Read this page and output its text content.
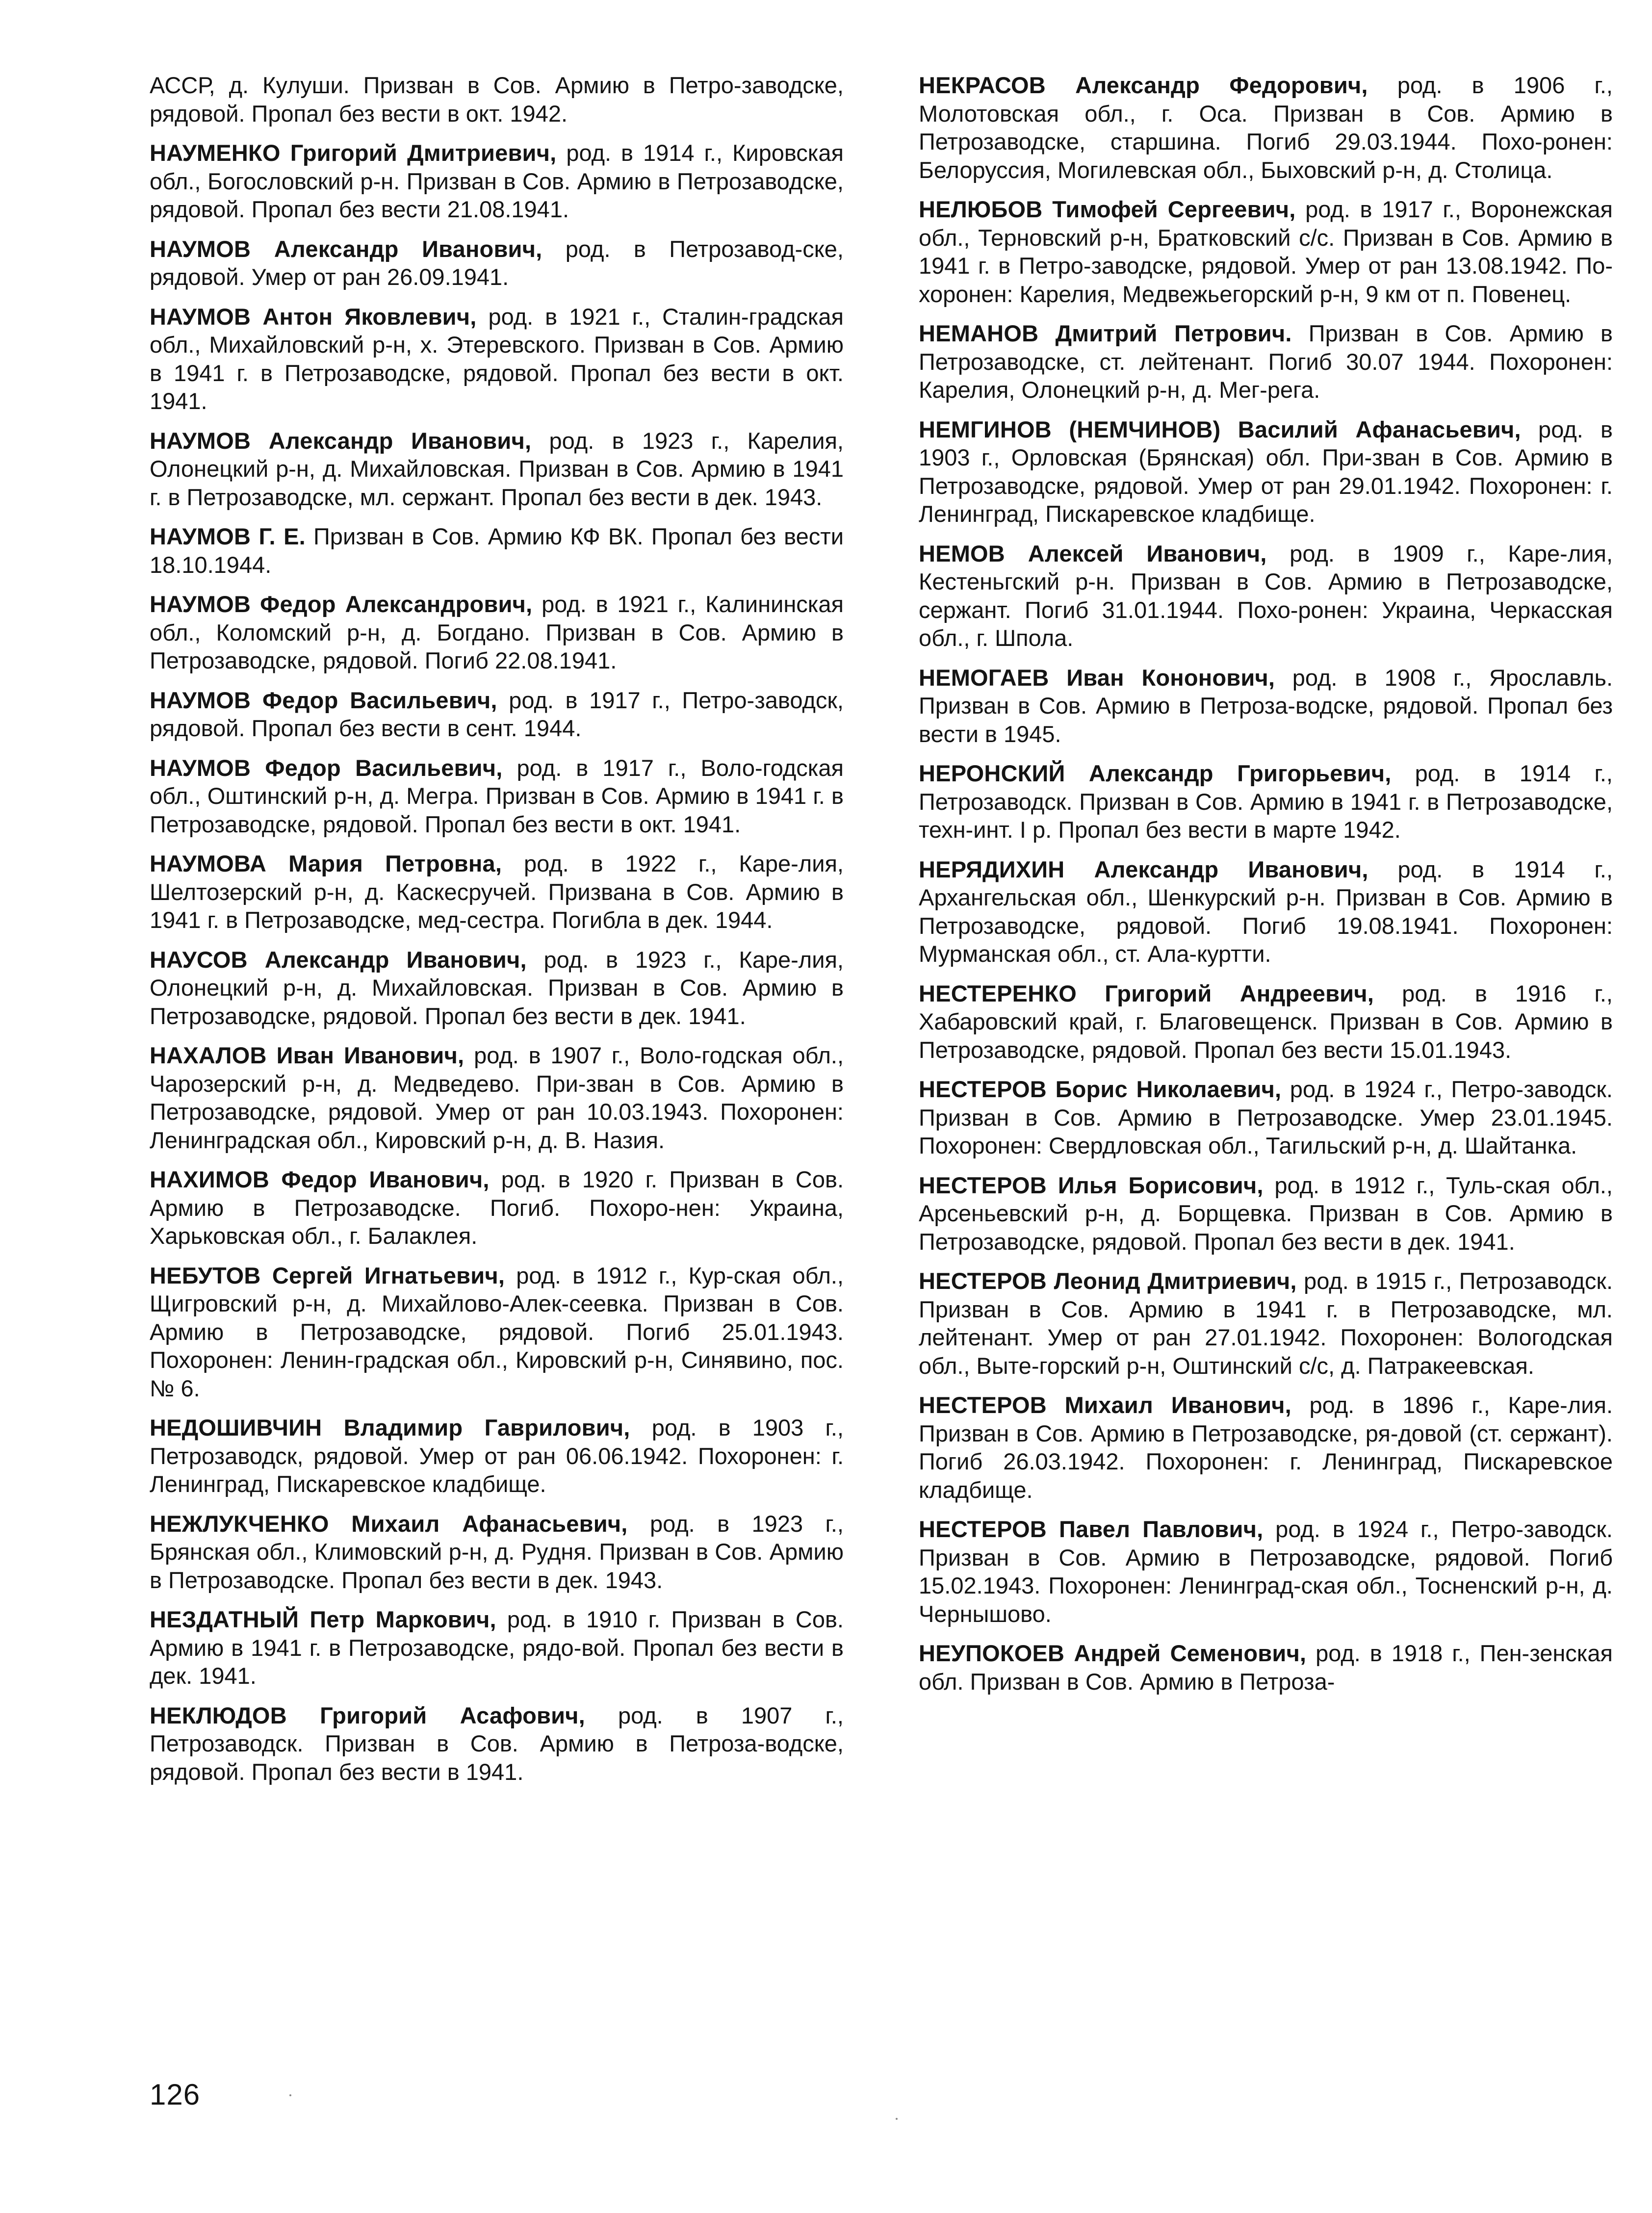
АССР, д. Кулуши. Призван в Сов. Армию в Петро-заводске, рядовой. Пропал без вести в окт. 1942.

НАУМЕНКО Григорий Дмитриевич, род. в 1914 г., Кировская обл., Богословский р-н. Призван в Сов. Армию в Петрозаводске, рядовой. Пропал без вести 21.08.1941.

НАУМОВ Александр Иванович, род. в Петрозавод-ске, рядовой. Умер от ран 26.09.1941.

НАУМОВ Антон Яковлевич, род. в 1921 г., Сталин-градская обл., Михайловский р-н, х. Этеревского. Призван в Сов. Армию в 1941 г. в Петрозаводске, рядовой. Пропал без вести в окт. 1941.

НАУМОВ Александр Иванович, род. в 1923 г., Карелия, Олонецкий р-н, д. Михайловская. Призван в Сов. Армию в 1941 г. в Петрозаводске, мл. сержант. Пропал без вести в дек. 1943.

НАУМОВ Г. Е. Призван в Сов. Армию КФ ВК. Пропал без вести 18.10.1944.

НАУМОВ Федор Александрович, род. в 1921 г., Калининская обл., Коломский р-н, д. Богдано. Призван в Сов. Армию в Петрозаводске, рядовой. Погиб 22.08.1941.

НАУМОВ Федор Васильевич, род. в 1917 г., Петро-заводск, рядовой. Пропал без вести в сент. 1944.

НАУМОВ Федор Васильевич, род. в 1917 г., Воло-годская обл., Оштинский р-н, д. Мегра. Призван в Сов. Армию в 1941 г. в Петрозаводске, рядовой. Пропал без вести в окт. 1941.

НАУМОВА Мария Петровна, род. в 1922 г., Каре-лия, Шелтозерский р-н, д. Каскесручей. Призвана в Сов. Армию в 1941 г. в Петрозаводске, мед-сестра. Погибла в дек. 1944.

НАУСОВ Александр Иванович, род. в 1923 г., Каре-лия, Олонецкий р-н, д. Михайловская. Призван в Сов. Армию в Петрозаводске, рядовой. Пропал без вести в дек. 1941.

НАХАЛОВ Иван Иванович, род. в 1907 г., Воло-годская обл., Чарозерский р-н, д. Медведево. При-зван в Сов. Армию в Петрозаводске, рядовой. Умер от ран 10.03.1943. Похоронен: Ленинградская обл., Кировский р-н, д. В. Назия.

НАХИМОВ Федор Иванович, род. в 1920 г. Призван в Сов. Армию в Петрозаводске. Погиб. Похоро-нен: Украина, Харьковская обл., г. Балаклея.

НЕБУТОВ Сергей Игнатьевич, род. в 1912 г., Кур-ская обл., Щигровский р-н, д. Михайлово-Алек-сеевка. Призван в Сов. Армию в Петрозаводске, рядовой. Погиб 25.01.1943. Похоронен: Ленин-градская обл., Кировский р-н, Синявино, пос. № 6.

НЕДОШИВЧИН Владимир Гаврилович, род. в 1903 г., Петрозаводск, рядовой. Умер от ран 06.06.1942. Похоронен: г. Ленинград, Пискаревское кладбище.

НЕЖЛУКЧЕНКО Михаил Афанасьевич, род. в 1923 г., Брянская обл., Климовский р-н, д. Рудня. Призван в Сов. Армию в Петрозаводске. Пропал без вести в дек. 1943.

НЕЗДАТНЫЙ Петр Маркович, род. в 1910 г. Призван в Сов. Армию в 1941 г. в Петрозаводске, рядо-вой. Пропал без вести в дек. 1941.

НЕКЛЮДОВ Григорий Асафович, род. в 1907 г., Петрозаводск. Призван в Сов. Армию в Петроза-водске, рядовой. Пропал без вести в 1941.

НЕКРАСОВ Александр Федорович, род. в 1906 г., Молотовская обл., г. Оса. Призван в Сов. Армию в Петрозаводске, старшина. Погиб 29.03.1944. Похо-ронен: Белоруссия, Могилевская обл., Быховский р-н, д. Столица.

НЕЛЮБОВ Тимофей Сергеевич, род. в 1917 г., Воронежская обл., Терновский р-н, Братковский с/с. Призван в Сов. Армию в 1941 г. в Петро-заводске, рядовой. Умер от ран 13.08.1942. По-хоронен: Карелия, Медвежьегорский р-н, 9 км от п. Повенец.

НЕМАНОВ Дмитрий Петрович. Призван в Сов. Армию в Петрозаводске, ст. лейтенант. Погиб 30.07 1944. Похоронен: Карелия, Олонецкий р-н, д. Мег-рега.

НЕМГИНОВ (НЕМЧИНОВ) Василий Афанасьевич, род. в 1903 г., Орловская (Брянская) обл. При-зван в Сов. Армию в Петрозаводске, рядовой. Умер от ран 29.01.1942. Похоронен: г. Ленинград, Пискаревское кладбище.

НЕМОВ Алексей Иванович, род. в 1909 г., Каре-лия, Кестеньгский р-н. Призван в Сов. Армию в Петрозаводске, сержант. Погиб 31.01.1944. Похо-ронен: Украина, Черкасская обл., г. Шпола.

НЕМОГАЕВ Иван Кононович, род. в 1908 г., Ярославль. Призван в Сов. Армию в Петроза-водске, рядовой. Пропал без вести в 1945.

НЕРОНСКИЙ Александр Григорьевич, род. в 1914 г., Петрозаводск. Призван в Сов. Армию в 1941 г. в Петрозаводске, техн-инт. I р. Пропал без вести в марте 1942.

НЕРЯДИХИН Александр Иванович, род. в 1914 г., Архангельская обл., Шенкурский р-н. Призван в Сов. Армию в Петрозаводске, рядовой. Погиб 19.08.1941. Похоронен: Мурманская обл., ст. Ала-куртти.

НЕСТЕРЕНКО Григорий Андреевич, род. в 1916 г., Хабаровский край, г. Благовещенск. Призван в Сов. Армию в Петрозаводске, рядовой. Пропал без вести 15.01.1943.

НЕСТЕРОВ Борис Николаевич, род. в 1924 г., Петро-заводск. Призван в Сов. Армию в Петрозаводске. Умер 23.01.1945. Похоронен: Свердловская обл., Тагильский р-н, д. Шайтанка.

НЕСТЕРОВ Илья Борисович, род. в 1912 г., Туль-ская обл., Арсеньевский р-н, д. Борщевка. Призван в Сов. Армию в Петрозаводске, рядовой. Пропал без вести в дек. 1941.

НЕСТЕРОВ Леонид Дмитриевич, род. в 1915 г., Петрозаводск. Призван в Сов. Армию в 1941 г. в Петрозаводске, мл. лейтенант. Умер от ран 27.01.1942. Похоронен: Вологодская обл., Выте-горский р-н, Оштинский с/с, д. Патракеевская.

НЕСТЕРОВ Михаил Иванович, род. в 1896 г., Каре-лия. Призван в Сов. Армию в Петрозаводске, ря-довой (ст. сержант). Погиб 26.03.1942. Похоронен: г. Ленинград, Пискаревское кладбище.

НЕСТЕРОВ Павел Павлович, род. в 1924 г., Петро-заводск. Призван в Сов. Армию в Петрозаводске, рядовой. Погиб 15.02.1943. Похоронен: Ленинград-ская обл., Тосненский р-н, д. Чернышово.

НЕУПОКОЕВ Андрей Семенович, род. в 1918 г., Пен-зенская обл. Призван в Сов. Армию в Петроза-

126
